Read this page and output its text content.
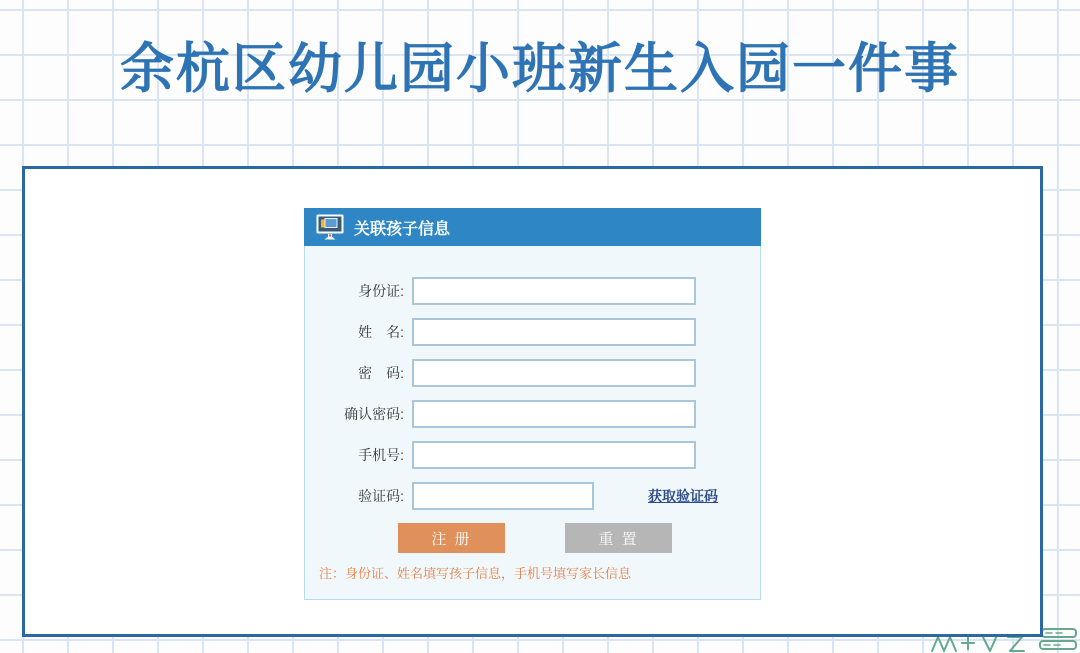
余杭区幼儿园小班新生入园一件事
关联孩子信息
身份证:
姓　名:
密　码:
确认密码:
手机号:
验证码:	获取验证码
注 册	重 置
注：身份证、姓名填写孩子信息，手机号填写家长信息
